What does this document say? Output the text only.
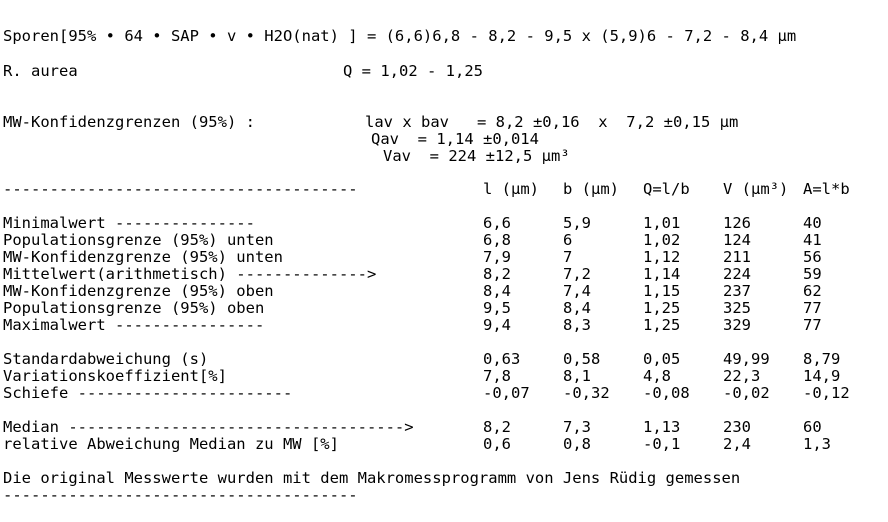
Sporen[95% • 64 • SAP • v • H2O(nat) ] = (6,6)6,8 - 8,2 - 9,5 x (5,9)6 - 7,2 - 8,4 µm
R. aurea	Q = 1,02 - 1,25
MW-Konfidenzgrenzen (95%) :	lav x bav   = 8,2 ±0,16  x  7,2 ±0,15 µm
Qav  = 1,14 ±0,014
Vav  = 224 ±12,5 µm³
--------------------------------------	l (µm) b (µm) Q=l/b V (µm³) A=l*b
Minimalwert ---------------	6,6	5,9	1,01	126	40
Populationsgrenze (95%) unten	6,8	6	1,02	124	41
MW-Konfidenzgrenze (95%) unten	7,9	7	1,12	211	56
Mittelwert(arithmetisch) -------------->	8,2	7,2	1,14	224	59
MW-Konfidenzgrenze (95%) oben	8,4	7,4	1,15	237	62
Populationsgrenze (95%) oben	9,5	8,4	1,25	325	77
Maximalwert ----------------	9,4	8,3	1,25	329	77
Standardabweichung (s)	0,63	0,58	0,05	49,99 8,79
Variationskoeffizient[%]	7,8	8,1	4,8	22,3	14,9
Schiefe -----------------------	-0,07 -0,32 -0,08 -0,02 -0,12
Median ------------------------------------>	8,2	7,3	1,13	230	60
relative Abweichung Median zu MW [%]	0,6	0,8	-0,1	2,4	1,3
Die original Messwerte wurden mit dem Makromessprogramm von Jens Rüdig gemessen
--------------------------------------
